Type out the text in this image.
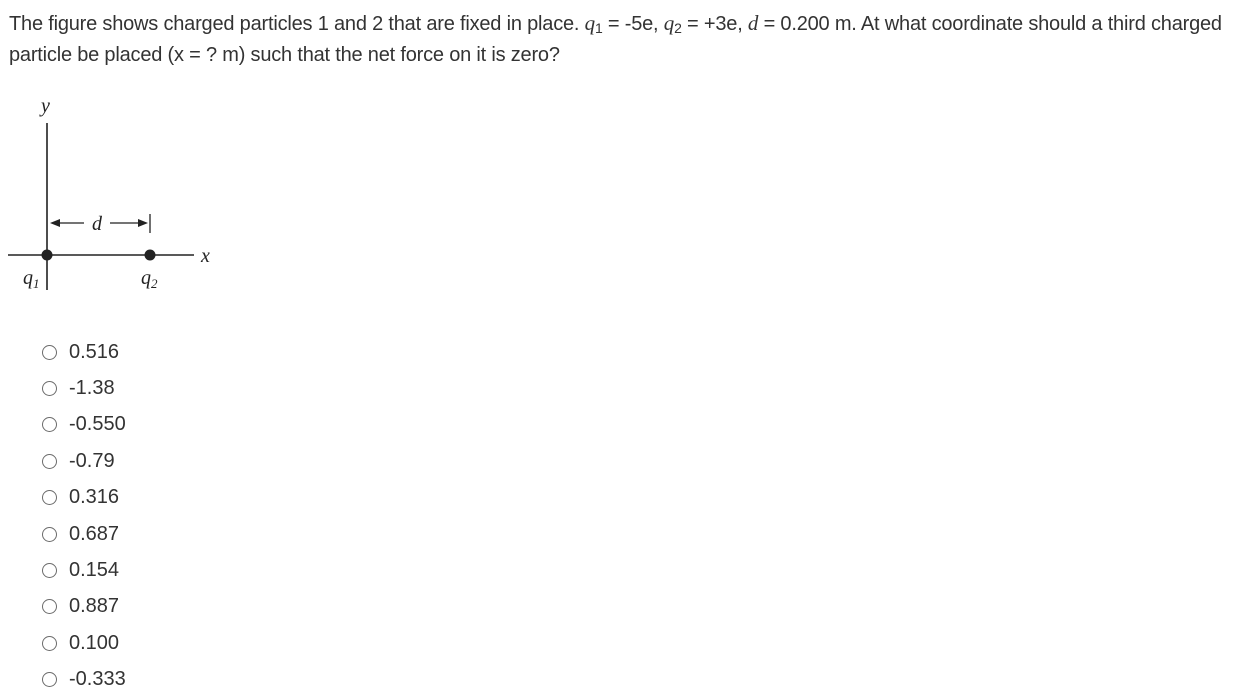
The figure shows charged particles 1 and 2 that are fixed in place. $q_1 = -5e$, $q_2 = +3e$, d = 0.200 m. At what coordinate should a third charged particle be placed (x = ? m) such that the net force on it is zero?
y
x
d
$q_1$	$q_2$
0.516
-1.38
-0.550
-0.79
0.316
0.687
0.154
0.887
0.100
-0.333
